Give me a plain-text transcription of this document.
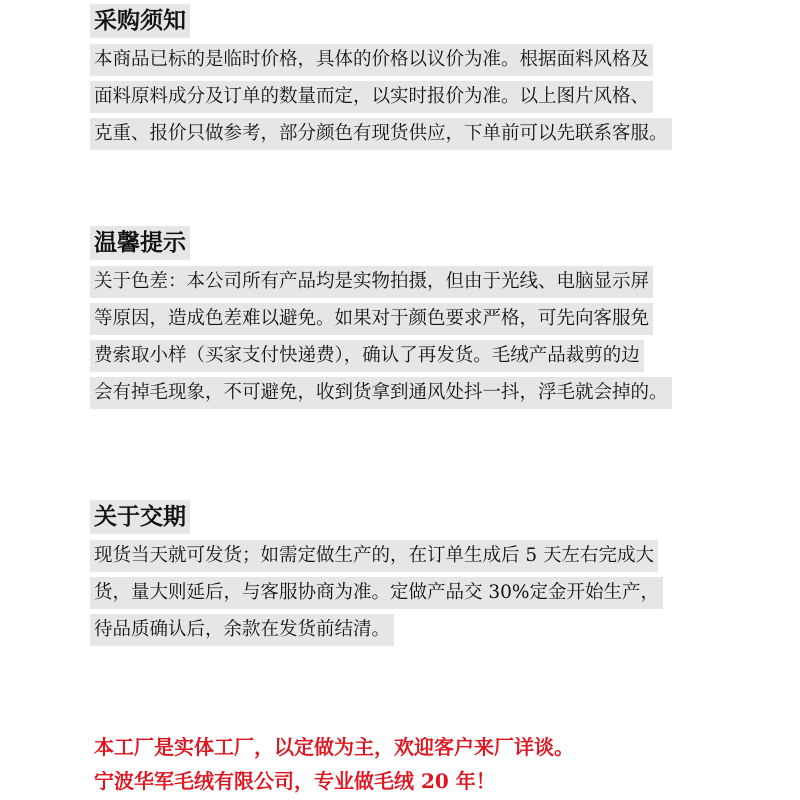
采购须知
本商品已标的是临时价格，具体的价格以议价为准。根据面料风格及
面料原料成分及订单的数量而定，以实时报价为准。以上图片风格、
克重、报价只做参考，部分颜色有现货供应，下单前可以先联系客服。
温馨提示
关于色差：本公司所有产品均是实物拍摄，但由于光线、电脑显示屏
等原因，造成色差难以避免。如果对于颜色要求严格，可先向客服免
费索取小样（买家支付快递费），确认了再发货。毛绒产品裁剪的边
会有掉毛现象，不可避免，收到货拿到通风处抖一抖，浮毛就会掉的。
关于交期
现货当天就可发货；如需定做生产的，在订单生成后 5 天左右完成大
货，量大则延后，与客服协商为准。定做产品交 30%定金开始生产，
待品质确认后，余款在发货前结清。
本工厂是实体工厂，以定做为主，欢迎客户来厂详谈。
宁波华军毛绒有限公司，专业做毛绒 20 年！
